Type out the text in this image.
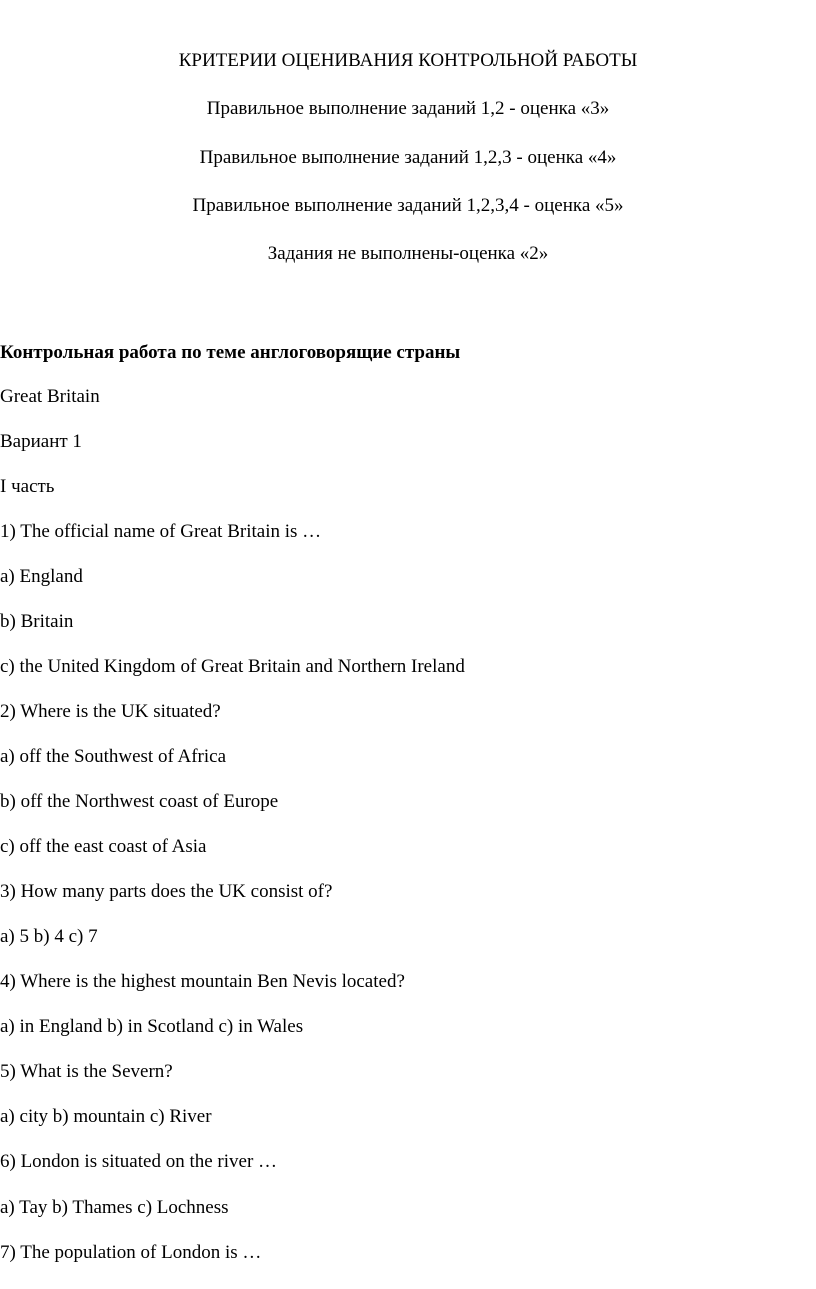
КРИТЕРИИ ОЦЕНИВАНИЯ КОНТРОЛЬНОЙ РАБОТЫ
Правильное выполнение заданий 1,2 - оценка «3»
Правильное выполнение заданий 1,2,3 - оценка «4»
Правильное выполнение заданий 1,2,3,4 - оценка «5»
Задания не выполнены-оценка «2»
Контрольная работа по теме англоговорящие страны
Great Britain
Вариант 1
I часть
1) The official name of Great Britain is …
a) England
b) Britain
c) the United Kingdom of Great Britain and Northern Ireland
2) Where is the UK situated?
a) off the Southwest of Africa
b) off the Northwest coast of Europe
c) off the east coast of Asia
3) How many parts does the UK consist of?
a) 5 b) 4 c) 7
4) Where is the highest mountain Ben Nevis located?
a) in England b) in Scotland c) in Wales
5) What is the Severn?
a) city b) mountain c) River
6) London is situated on the river …
a) Tay b) Thames c) Lochness
7) The population of London is …
